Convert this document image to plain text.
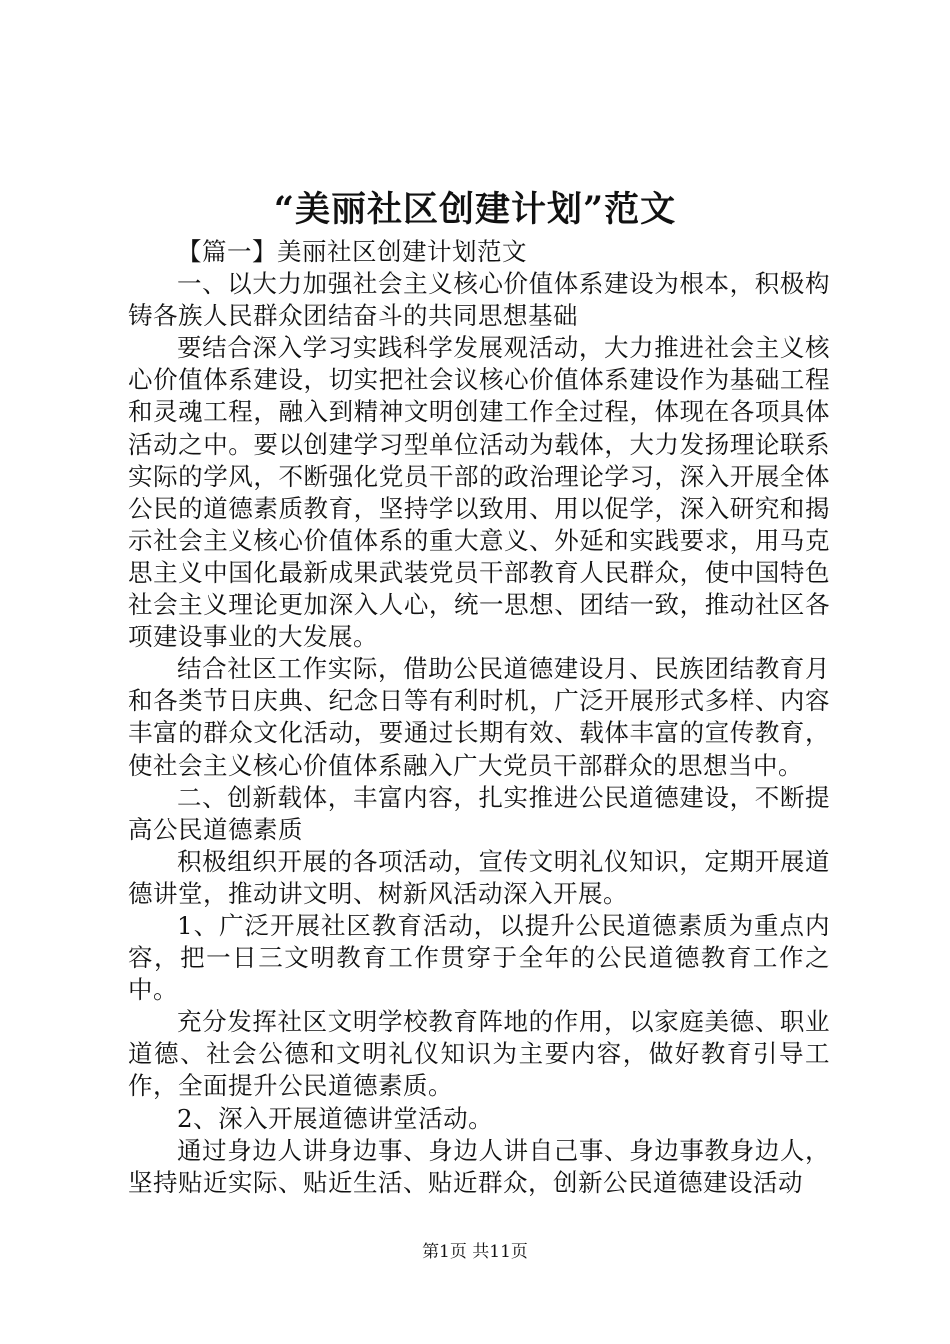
“美丽社区创建计划”范文

【篇一】美丽社区创建计划范文

一、以大力加强社会主义核心价值体系建设为根本，积极构铸各族人民群众团结奋斗的共同思想基础

要结合深入学习实践科学发展观活动，大力推进社会主义核心价值体系建设，切实把社会议核心价值体系建设作为基础工程和灵魂工程，融入到精神文明创建工作全过程，体现在各项具体活动之中。要以创建学习型单位活动为载体，大力发扬理论联系实际的学风，不断强化党员干部的政治理论学习，深入开展全体公民的道德素质教育，坚持学以致用、用以促学，深入研究和揭示社会主义核心价值体系的重大意义、外延和实践要求，用马克思主义中国化最新成果武装党员干部教育人民群众，使中国特色社会主义理论更加深入人心，统一思想、团结一致，推动社区各项建设事业的大发展。

结合社区工作实际，借助公民道德建设月、民族团结教育月和各类节日庆典、纪念日等有利时机，广泛开展形式多样、内容丰富的群众文化活动，要通过长期有效、载体丰富的宣传教育，使社会主义核心价值体系融入广大党员干部群众的思想当中。

二、创新载体，丰富内容，扎实推进公民道德建设，不断提高公民道德素质

积极组织开展的各项活动，宣传文明礼仪知识，定期开展道德讲堂，推动讲文明、树新风活动深入开展。

1、广泛开展社区教育活动，以提升公民道德素质为重点内容，把一日三文明教育工作贯穿于全年的公民道德教育工作之中。

充分发挥社区文明学校教育阵地的作用，以家庭美德、职业道德、社会公德和文明礼仪知识为主要内容，做好教育引导工作，全面提升公民道德素质。

2、深入开展道德讲堂活动。

通过身边人讲身边事、身边人讲自己事、身边事教身边人，坚持贴近实际、贴近生活、贴近群众，创新公民道德建设活动

第1页 共11页
